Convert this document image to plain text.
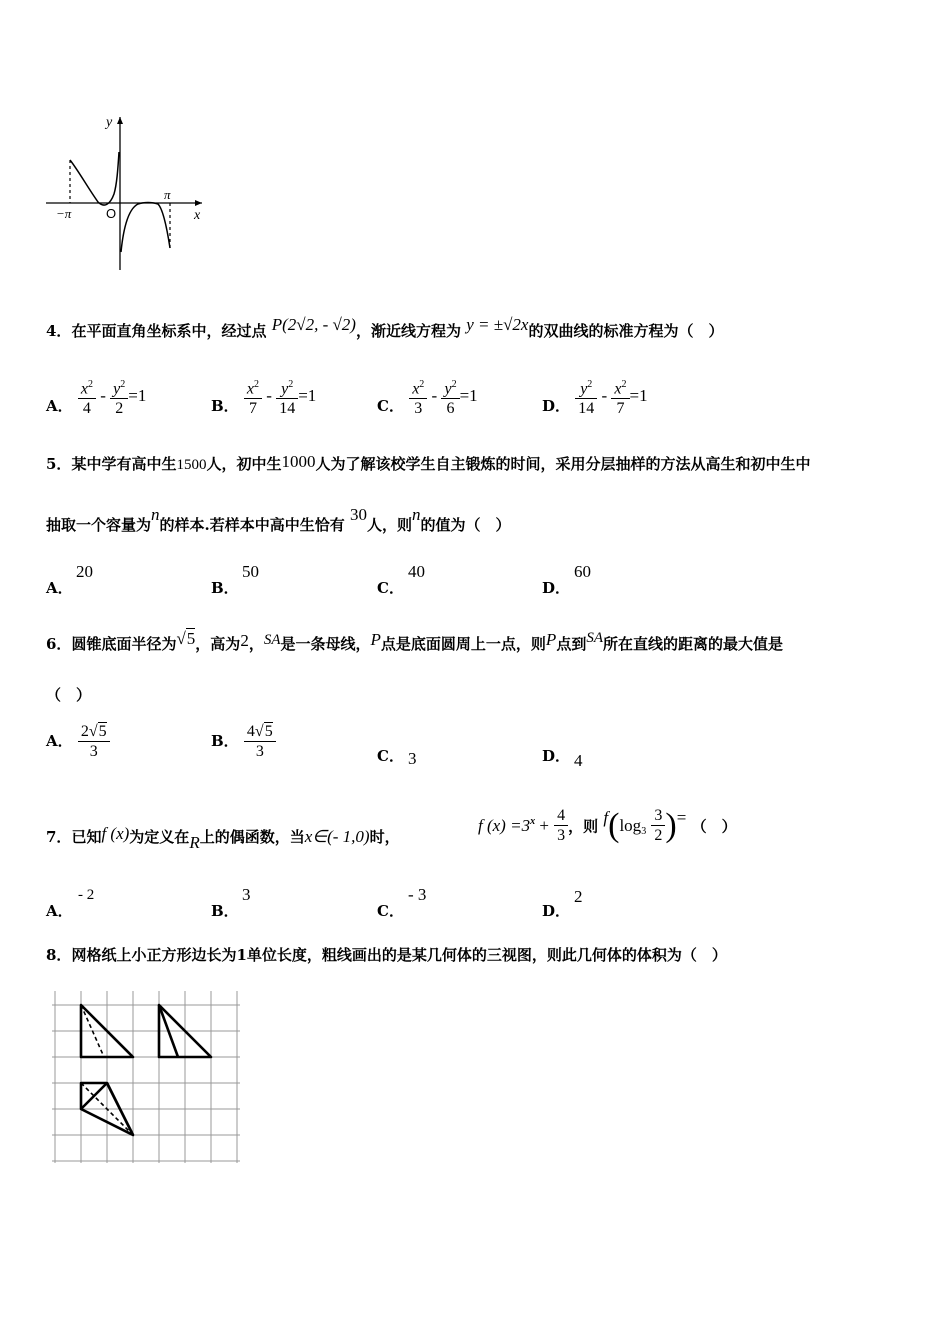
y
x
O
−π
π
4．在平面直角坐标系中，经过点 P(2√2, - √2)，渐近线方程为 y = ±√2x的双曲线的标准方程为（　）
A． $\frac{x^2}{4} - \frac{y^2}{2} =1$
B． $\frac{x^2}{7} - \frac{y^2}{14} =1$
C． $\frac{x^2}{3} - \frac{y^2}{6} =1$
D． $\frac{y^2}{14} - \frac{x^2}{7} =1$
5．某中学有高中生1500人，初中生1000人为了解该校学生自主锻炼的时间，采用分层抽样的方法从高生和初中生中
抽取一个容量为n的样本.若样本中高中生恰有 30人，则n的值为（　）
A．
20
B．
50
C．
40
D．
60
6．圆锥底面半径为√5，高为2，SA是一条母线，P点是底面圆周上一点，则P点到SA所在直线的距离的最大值是
（　）
A． $\frac{2√5}{3}$	B． $\frac{4√5}{3}$	C． 3	D． 4
7．已知f (x)为定义在R上的偶函数，当x∈(- 1,0)时，
f $(x) =3^x + \frac{4}{3}$ ，则 $f(\log_3 \frac{3}{2}$ )= （　）
A．
- 2
B．
3
C．
- 3
D．
2
8．网格纸上小正方形边长为1单位长度，粗线画出的是某几何体的三视图，则此几何体的体积为（　）
